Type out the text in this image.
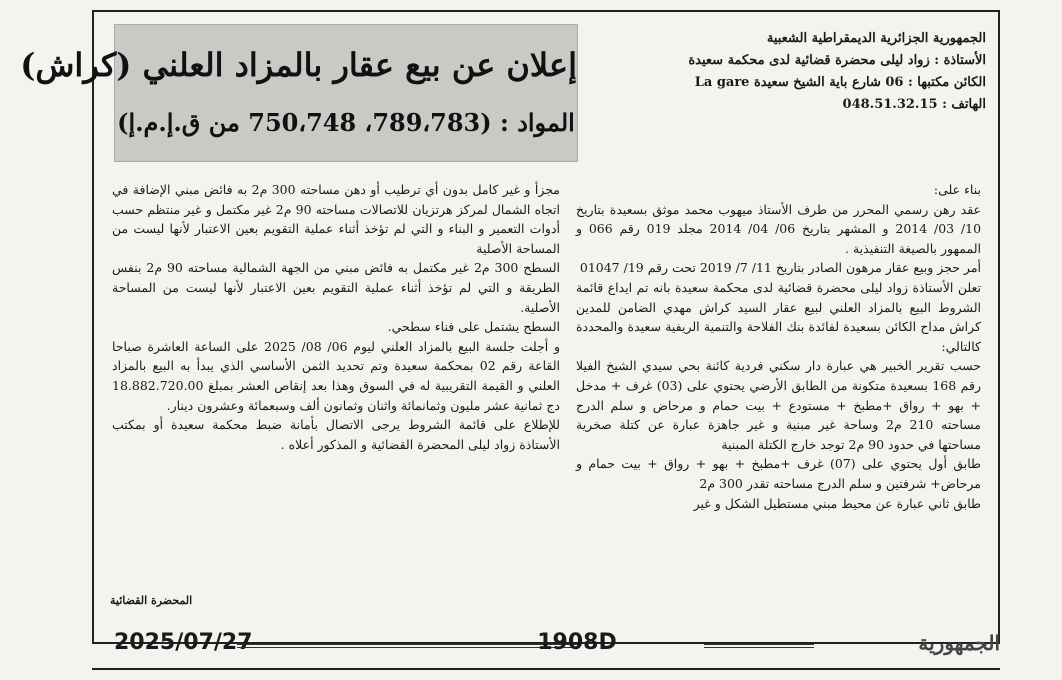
الجمهورية الجزائرية الديمقراطية الشعبية
الأستاذة : زواد ليلى محضرة قضائية لدى محكمة سعيدة
الكائن مكتبها : 06 شارع باية الشيخ سعيدة La gare
الهاتف : 048.51.32.15
إعلان عن بيع عقار بالمزاد العلني (كراش)
المواد : (789،783، 750،748 من ق.إ.م.إ)

بناء على:

عقد رهن رسمي المحرر من طرف الأستاذ ميهوب محمد موثق بسعيدة بتاريخ 10/ 03/ 2014 و المشهر بتاريخ 06/ 04/ 2014 مجلد 019 رقم 066 و الممهور بالصيغة التنفيذية .

أمر حجز وبيع عقار مرهون الصادر بتاريخ 11/ 7/ 2019 تحت رقم 19/ 01047

تعلن الأستاذة زواد ليلى محضرة قضائية لدى محكمة سعيدة بانه تم ايداع قائمة الشروط البيع بالمزاد العلني لبيع عقار السيد كراش مهدي الضامن للمدين كراش مداح الكائن بسعيدة لفائدة بنك الفلاحة والتنمية الريفية سعيدة والمحددة كالتالي:

حسب تقرير الخبير هي عبارة دار سكني فردية كائنة بحي سيدي الشيخ الفيلا رقم 168 بسعيدة متكونة من الطابق الأرضي يحتوي على (03) غرف + مدخل + بهو + رواق +مطبخ + مستودع + بيت حمام و مرحاض و سلم الدرج مساحته 210 م2 وساحة غير مبنية و غير جاهزة عبارة عن كتلة صخرية مساحتها في حدود 90 م2 توجد خارج الكتلة المبنية

طابق أول يحتوي على (07) غرف +مطبخ + بهو + رواق + بيت حمام و مرحاض+ شرفتين و سلم الدرج مساحته تقدر 300 م2

طابق ثاني عبارة عن محيط مبني مستطيل الشكل و غير

مجزأ و غير كامل بدون أي ترطيب أو دهن مساحته 300 م2 به فائض مبني الإضافة في اتجاه الشمال لمركز هرتزيان للاتصالات مساحته 90 م2 غير مكتمل و غير منتظم حسب أدوات التعمير و البناء و التي لم تؤخذ أثناء عملية التقويم بعين الاعتبار لأنها ليست من المساحة الأصلية

السطح 300 م2 غير مكتمل به فائض مبني من الجهة الشمالية مساحته 90 م2 بنفس الطريقة و التي لم تؤخذ أثناء عملية التقويم بعين الاعتبار لأنها ليست من المساحة الأصلية.

السطح يشتمل على فناء سطحي.

و أجلت جلسة البيع بالمزاد العلني ليوم 06/ 08/ 2025 على الساعة العاشرة صباحا القاعة رقم 02 بمحكمة سعيدة وتم تحديد الثمن الأساسي الذي يبدأ به البيع بالمزاد العلني و القيمة التقريبية له في السوق وهذا بعد إنقاص العشر بمبلغ 18.882.720.00 دج ثمانية عشر مليون وثمانمائة واثنان وثمانون ألف وسبعمائة وعشرون دينار.

للإطلاع على قائمة الشروط يرجى الاتصال بأمانة ضبط محكمة سعيدة أو بمكتب الأستاذة زواد ليلى المحضرة القضائية و المذكور أعلاه .

المحضرة القضائية
2025/07/27	1908D	الجمهورية
